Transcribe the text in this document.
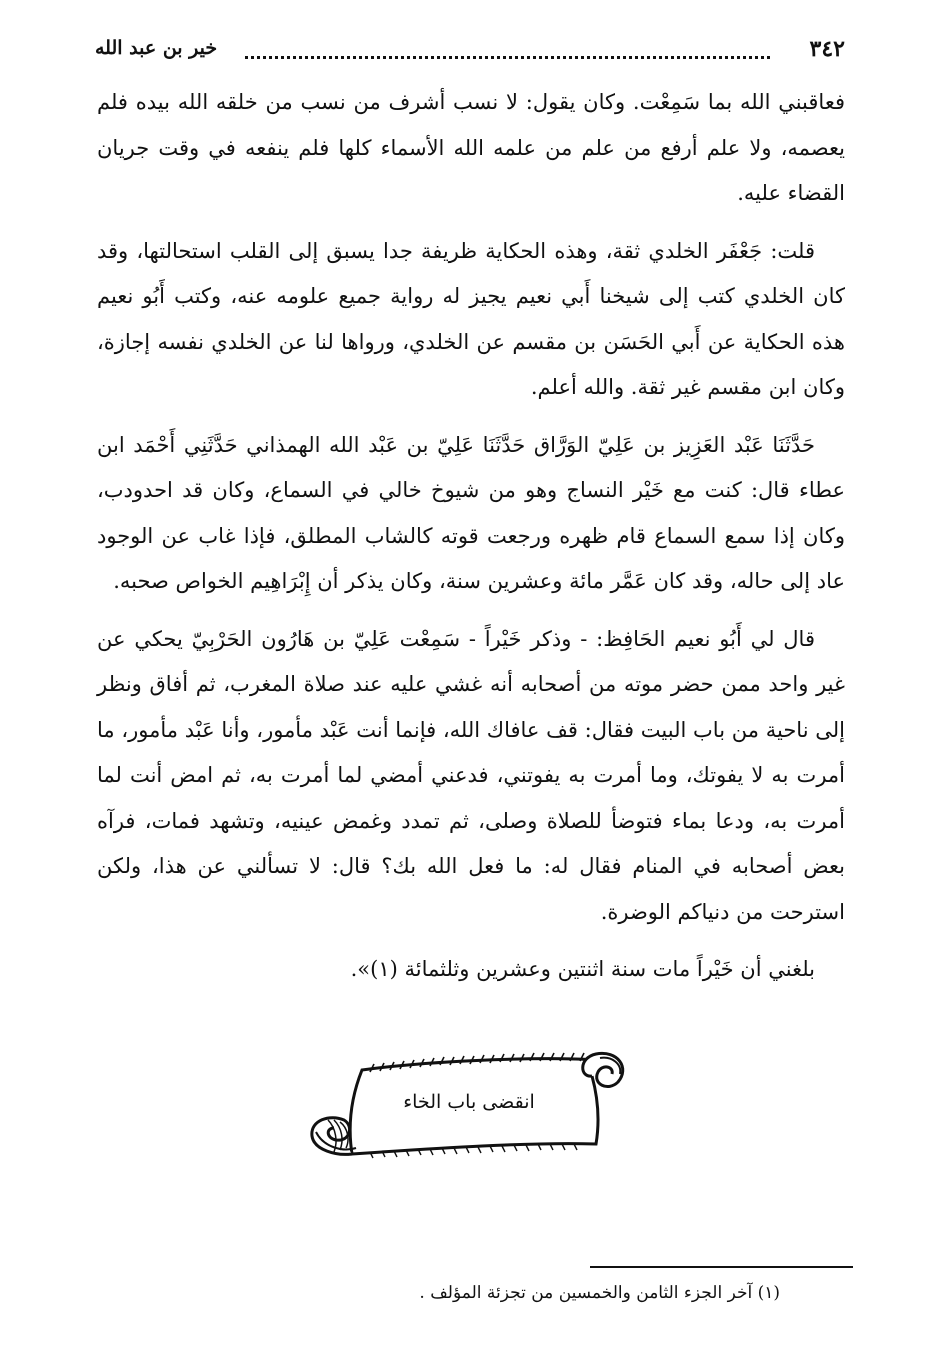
٣٤٢
خير بن عبد الله

فعاقبني الله بما سَمِعْت. وكان يقول: لا نسب أشرف من نسب من خلقه الله بيده فلم يعصمه، ولا علم أرفع من علم من علمه الله الأسماء كلها فلم ينفعه في وقت جريان القضاء عليه.

قلت: جَعْفَر الخلدي ثقة، وهذه الحكاية ظريفة جدا يسبق إلى القلب استحالتها، وقد كان الخلدي كتب إلى شيخنا أَبي نعيم يجيز له رواية جميع علومه عنه، وكتب أَبُو نعيم هذه الحكاية عن أَبي الحَسَن بن مقسم عن الخلدي، ورواها لنا عن الخلدي نفسه إجازة، وكان ابن مقسم غير ثقة. والله أعلم.

حَدَّثَنَا عَبْد العَزِيز بن عَلِيّ الوَرَّاق حَدَّثَنَا عَلِيّ بن عَبْد الله الهمذاني حَدَّثَنِي أَحْمَد ابن عطاء قال: كنت مع خَيْر النساج وهو من شيوخ خالي في السماع، وكان قد احدودب، وكان إذا سمع السماع قام ظهره ورجعت قوته كالشاب المطلق، فإذا غاب عن الوجود عاد إلى حاله، وقد كان عَمَّر مائة وعشرين سنة، وكان يذكر أن إِبْرَاهِيم الخواص صحبه.

قال لي أَبُو نعيم الحَافِظ: - وذكر خَيْراً - سَمِعْت عَلِيّ بن هَارُون الحَرْبِيّ يحكي عن غير واحد ممن حضر موته من أصحابه أنه غشي عليه عند صلاة المغرب، ثم أفاق ونظر إلى ناحية من باب البيت فقال: قف عافاك الله، فإنما أنت عَبْد مأمور، وأنا عَبْد مأمور، ما أمرت به لا يفوتك، وما أمرت به يفوتني، فدعني أمضي لما أمرت به، ثم امض أنت لما أمرت به، ودعا بماء فتوضأ للصلاة وصلى، ثم تمدد وغمض عينيه، وتشهد فمات، فرآه بعض أصحابه في المنام فقال له: ما فعل الله بك؟ قال: لا تسألني عن هذا، ولكن استرحت من دنياكم الوضرة.

بلغني أن خَيْراً مات سنة اثنتين وعشرين وثلثمائة (١)».

انقضى باب الخاء
(١) آخر الجزء الثامن والخمسين من تجزئة المؤلف .
